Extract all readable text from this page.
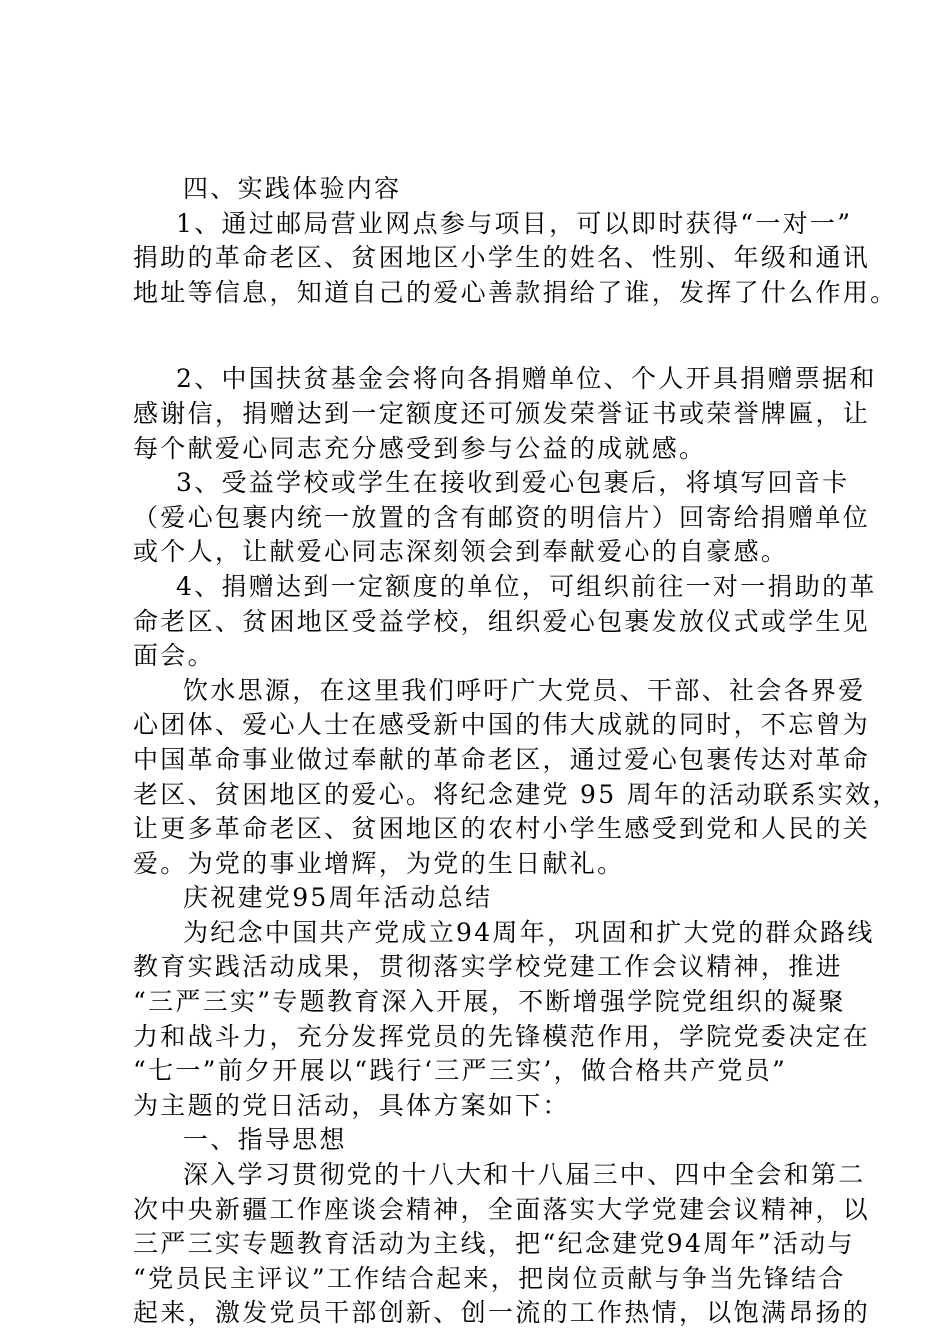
四、实践体验内容
1、通过邮局营业网点参与项目，可以即时获得“一对一”
捐助的革命老区、贫困地区小学生的姓名、性别、年级和通讯
地址等信息，知道自己的爱心善款捐给了谁，发挥了什么作用。
2、中国扶贫基金会将向各捐赠单位、个人开具捐赠票据和
感谢信，捐赠达到一定额度还可颁发荣誉证书或荣誉牌匾，让
每个献爱心同志充分感受到参与公益的成就感。
3、受益学校或学生在接收到爱心包裹后，将填写回音卡
（爱心包裹内统一放置的含有邮资的明信片）回寄给捐赠单位
或个人，让献爱心同志深刻领会到奉献爱心的自豪感。
4、捐赠达到一定额度的单位，可组织前往一对一捐助的革
命老区、贫困地区受益学校，组织爱心包裹发放仪式或学生见
面会。
饮水思源，在这里我们呼吁广大党员、干部、社会各界爱
心团体、爱心人士在感受新中国的伟大成就的同时，不忘曾为
中国革命事业做过奉献的革命老区，通过爱心包裹传达对革命
老区、贫困地区的爱心。将纪念建党 95 周年的活动联系实效，
让更多革命老区、贫困地区的农村小学生感受到党和人民的关
爱。为党的事业增辉，为党的生日献礼。
庆祝建党95周年活动总结
为纪念中国共产党成立94周年，巩固和扩大党的群众路线
教育实践活动成果，贯彻落实学校党建工作会议精神，推进
“三严三实”专题教育深入开展，不断增强学院党组织的凝聚
力和战斗力，充分发挥党员的先锋模范作用，学院党委决定在
“七一”前夕开展以“践行‘三严三实’，做合格共产党员”
为主题的党日活动，具体方案如下：
一、指导思想
深入学习贯彻党的十八大和十八届三中、四中全会和第二
次中央新疆工作座谈会精神，全面落实大学党建会议精神，以
三严三实专题教育活动为主线，把“纪念建党94周年”活动与
“党员民主评议”工作结合起来，把岗位贡献与争当先锋结合
起来，激发党员干部创新、创一流的工作热情，以饱满昂扬的
